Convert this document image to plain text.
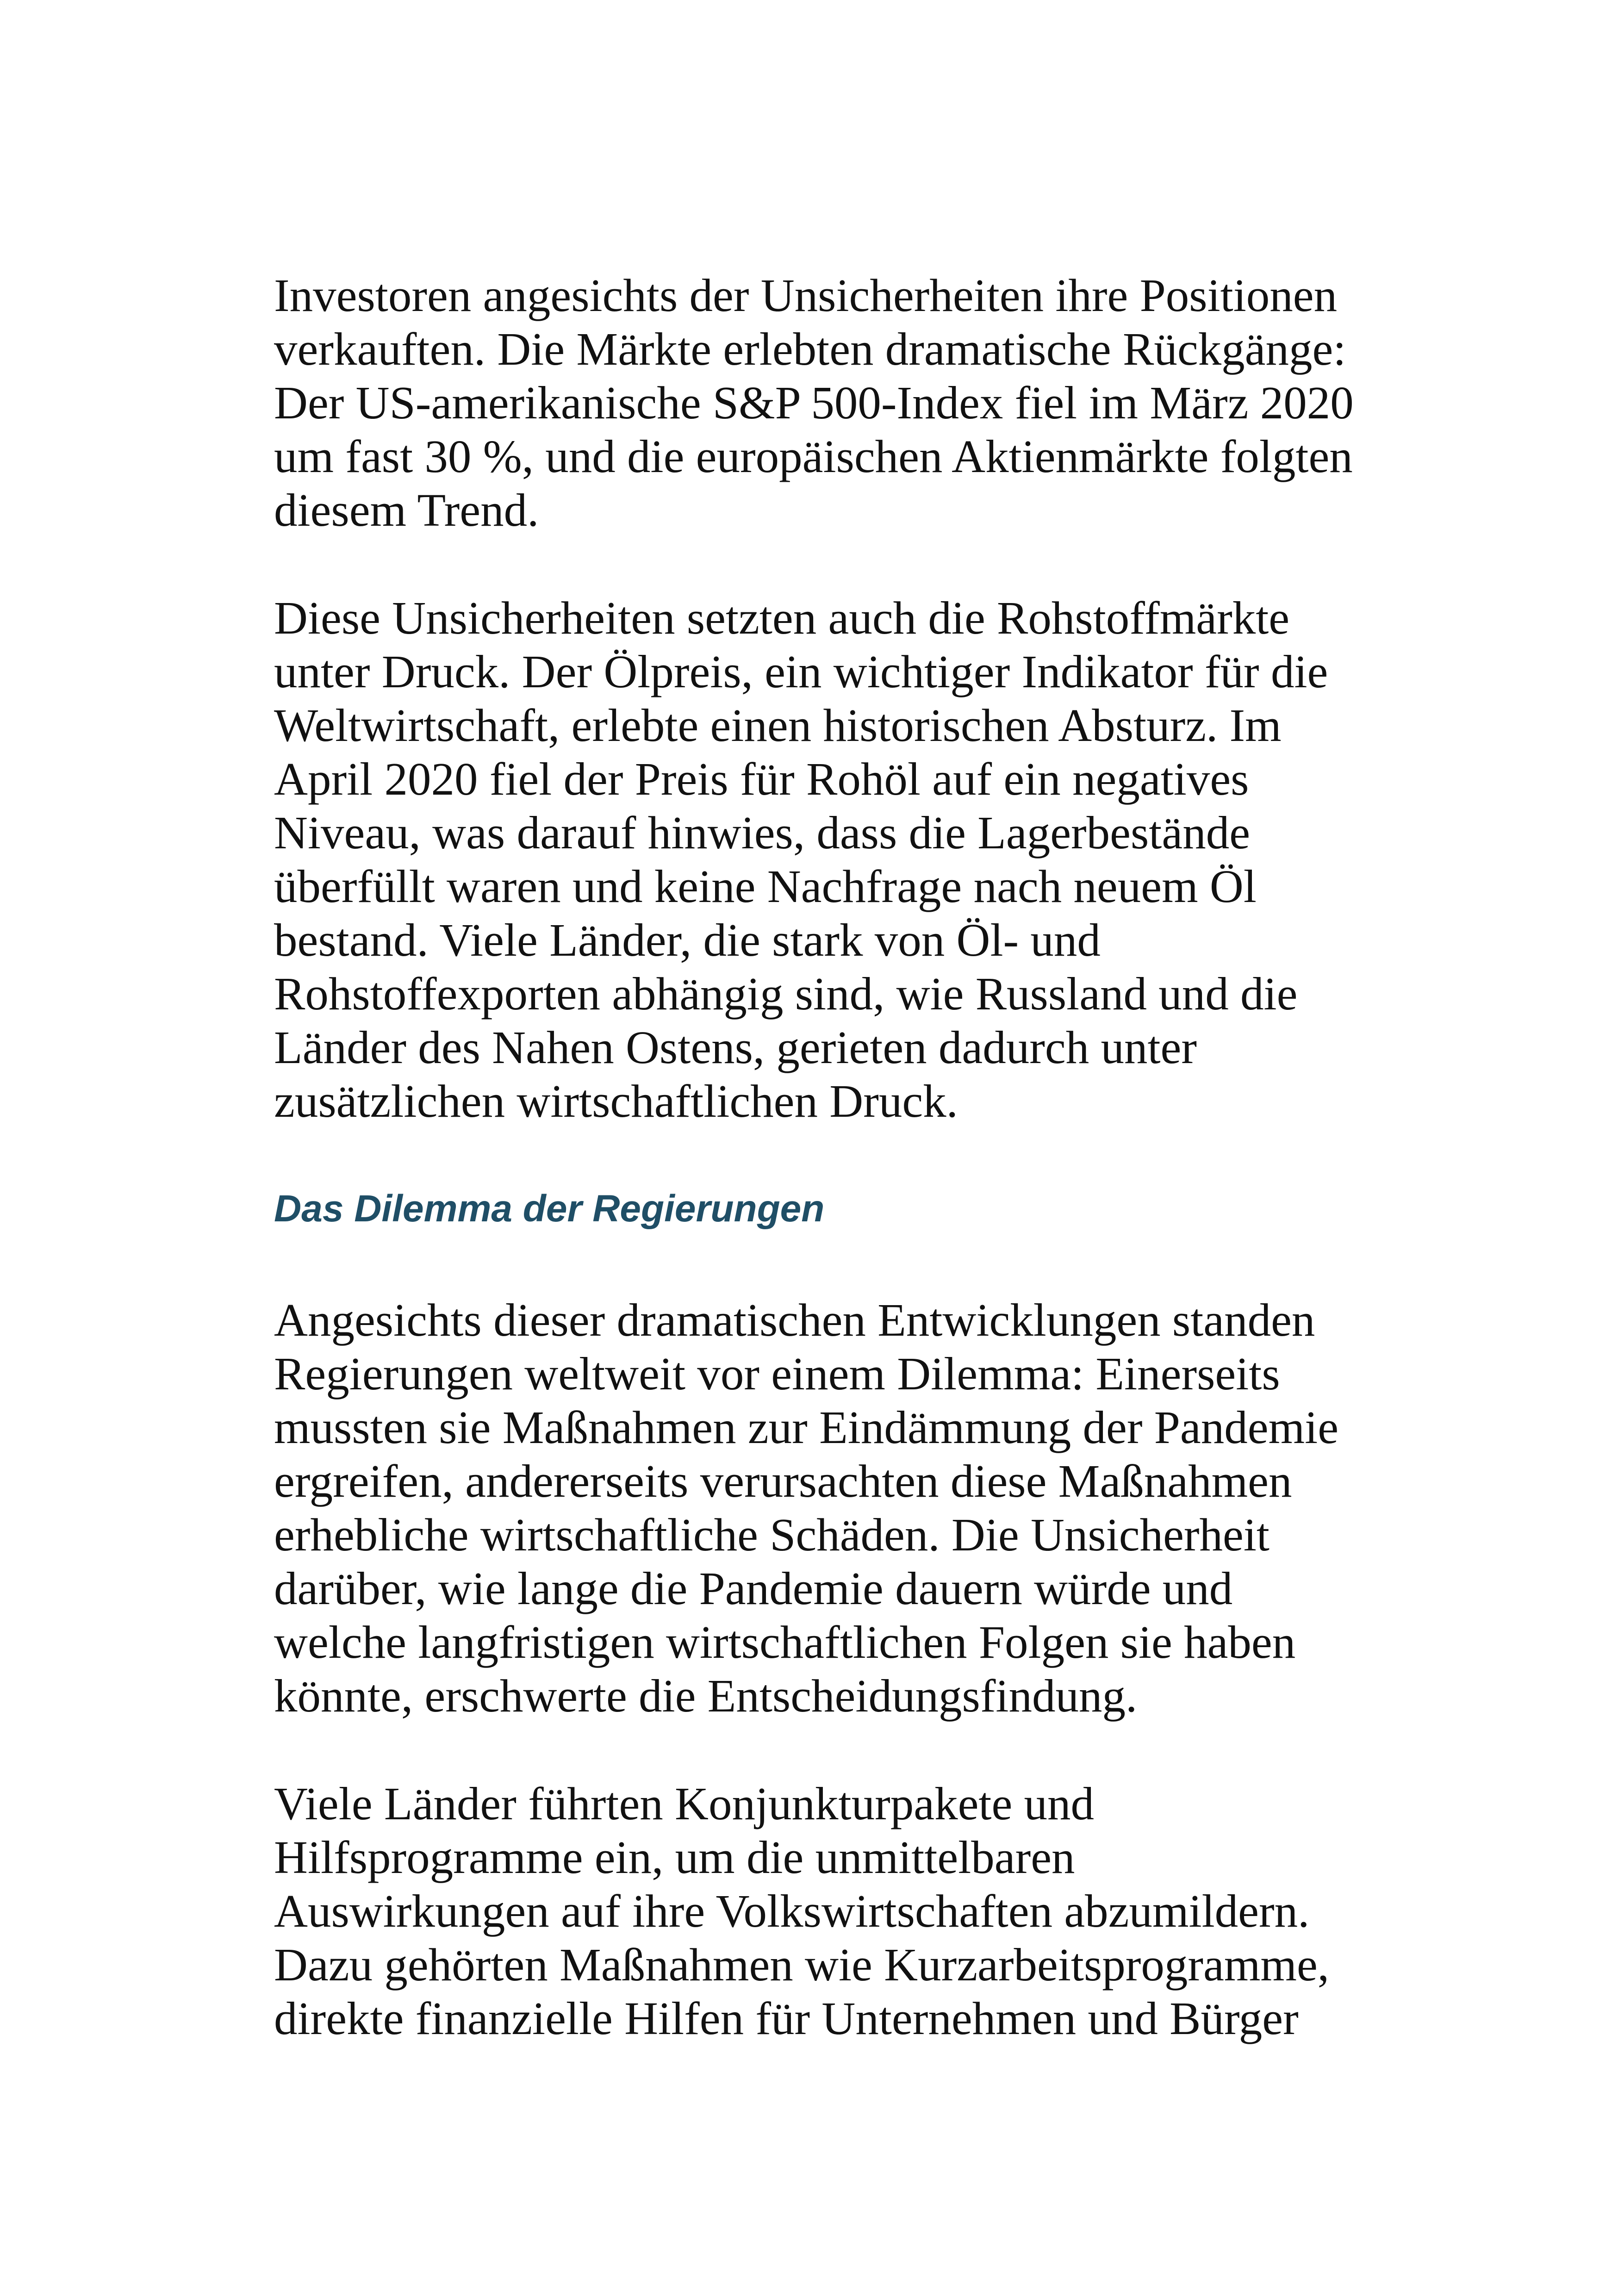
Investoren angesichts der Unsicherheiten ihre Positionen
verkauften. Die Märkte erlebten dramatische Rückgänge:
Der US-amerikanische S&P 500-Index fiel im März 2020
um fast 30 %, und die europäischen Aktienmärkte folgten
diesem Trend.

Diese Unsicherheiten setzten auch die Rohstoffmärkte
unter Druck. Der Ölpreis, ein wichtiger Indikator für die
Weltwirtschaft, erlebte einen historischen Absturz. Im
April 2020 fiel der Preis für Rohöl auf ein negatives
Niveau, was darauf hinwies, dass die Lagerbestände
überfüllt waren und keine Nachfrage nach neuem Öl
bestand. Viele Länder, die stark von Öl- und
Rohstoffexporten abhängig sind, wie Russland und die
Länder des Nahen Ostens, gerieten dadurch unter
zusätzlichen wirtschaftlichen Druck.

Das Dilemma der Regierungen

Angesichts dieser dramatischen Entwicklungen standen
Regierungen weltweit vor einem Dilemma: Einerseits
mussten sie Maßnahmen zur Eindämmung der Pandemie
ergreifen, andererseits verursachten diese Maßnahmen
erhebliche wirtschaftliche Schäden. Die Unsicherheit
darüber, wie lange die Pandemie dauern würde und
welche langfristigen wirtschaftlichen Folgen sie haben
könnte, erschwerte die Entscheidungsfindung.

Viele Länder führten Konjunkturpakete und
Hilfsprogramme ein, um die unmittelbaren
Auswirkungen auf ihre Volkswirtschaften abzumildern.
Dazu gehörten Maßnahmen wie Kurzarbeitsprogramme,
direkte finanzielle Hilfen für Unternehmen und Bürger
